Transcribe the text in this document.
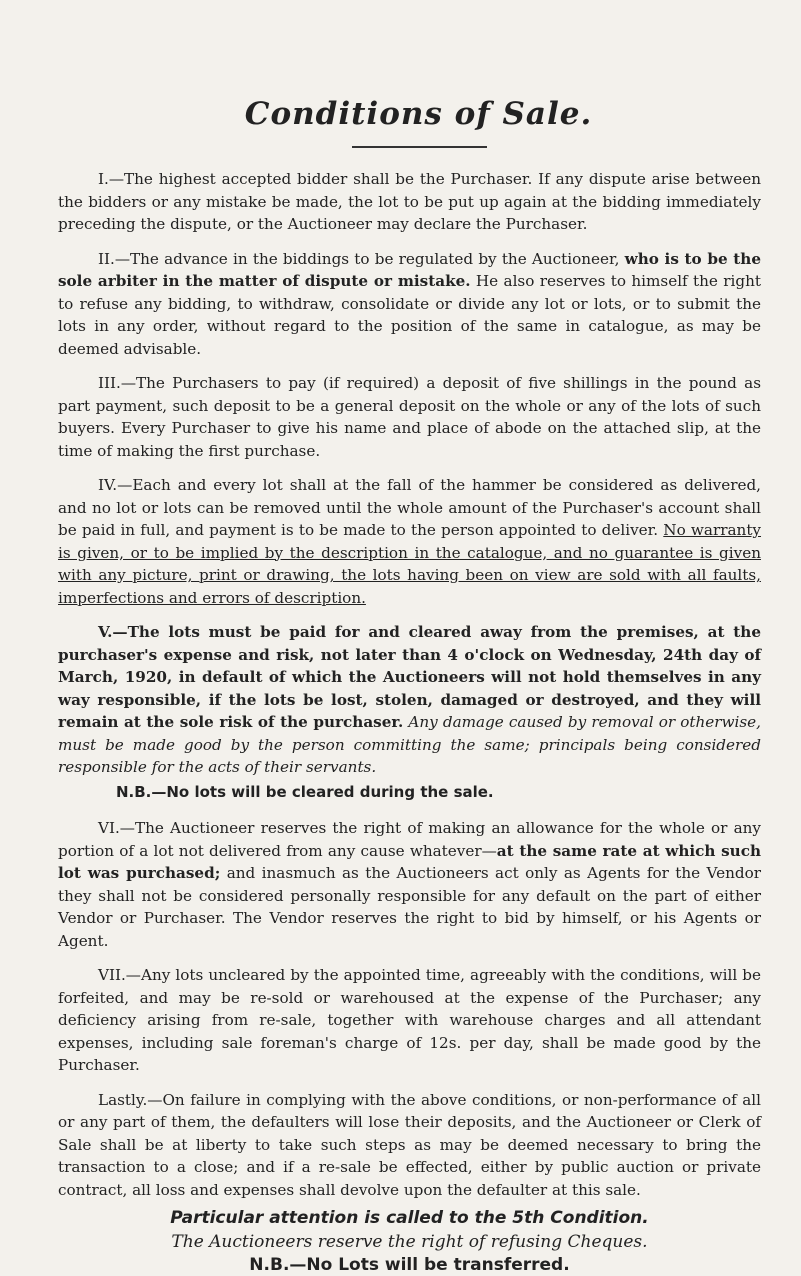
Conditions of Sale.

I.—The highest accepted bidder shall be the Purchaser. If any dispute arise between the bidders or any mistake be made, the lot to be put up again at the bidding immediately preceding the dispute, or the Auctioneer may declare the Purchaser.

II.—The advance in the biddings to be regulated by the Auctioneer, who is to be the sole arbiter in the matter of dispute or mistake. He also reserves to himself the right to refuse any bidding, to withdraw, consolidate or divide any lot or lots, or to submit the lots in any order, without regard to the position of the same in catalogue, as may be deemed advisable.

III.—The Purchasers to pay (if required) a deposit of five shillings in the pound as part payment, such deposit to be a general deposit on the whole or any of the lots of such buyers. Every Purchaser to give his name and place of abode on the attached slip, at the time of making the first purchase.

IV.—Each and every lot shall at the fall of the hammer be considered as delivered, and no lot or lots can be removed until the whole amount of the Purchaser's account shall be paid in full, and payment is to be made to the person appointed to deliver. No warranty is given, or to be implied by the description in the catalogue, and no guarantee is given with any picture, print or drawing, the lots having been on view are sold with all faults, imperfections and errors of description.

V.—The lots must be paid for and cleared away from the premises, at the purchaser's expense and risk, not later than 4 o'clock on Wednesday, 24th day of March, 1920, in default of which the Auctioneers will not hold themselves in any way responsible, if the lots be lost, stolen, damaged or destroyed, and they will remain at the sole risk of the purchaser. Any damage caused by removal or otherwise, must be made good by the person committing the same; principals being considered responsible for the acts of their servants.

N.B.—No lots will be cleared during the sale.

VI.—The Auctioneer reserves the right of making an allowance for the whole or any portion of a lot not delivered from any cause whatever—at the same rate at which such lot was purchased; and inasmuch as the Auctioneers act only as Agents for the Vendor they shall not be considered personally responsible for any default on the part of either Vendor or Purchaser. The Vendor reserves the right to bid by himself, or his Agents or Agent.

VII.—Any lots uncleared by the appointed time, agreeably with the conditions, will be forfeited, and may be re-sold or warehoused at the expense of the Purchaser; any deficiency arising from re-sale, together with warehouse charges and all attendant expenses, including sale foreman's charge of 12s. per day, shall be made good by the Purchaser.

Lastly.—On failure in complying with the above conditions, or non-performance of all or any part of them, the defaulters will lose their deposits, and the Auctioneer or Clerk of Sale shall be at liberty to take such steps as may be deemed necessary to bring the transaction to a close; and if a re-sale be effected, either by public auction or private contract, all loss and expenses shall devolve upon the defaulter at this sale.

Particular attention is called to the 5th Condition.

The Auctioneers reserve the right of refusing Cheques.

N.B.—No Lots will be transferred.
